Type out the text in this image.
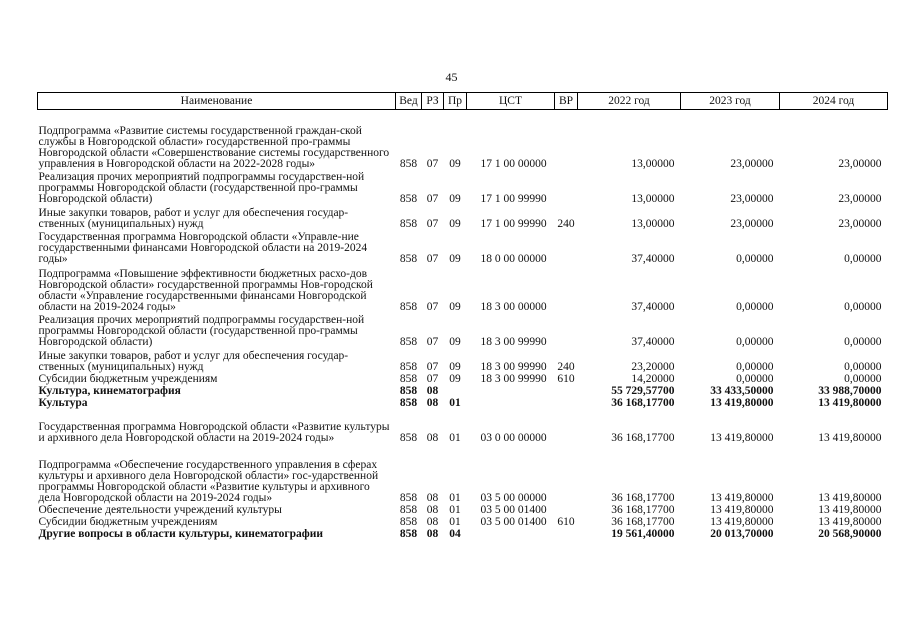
45
Наименование	Вед	РЗ	Пр	ЦСТ	ВР	2022 год	2023 год	2024 год
Подпрограмма «Развитие системы государственной граждан-ской службы в Новгородской области» государственной про-граммы Новгородской области «Совершенствование системы государственного управления в Новгородской области на 2022-2028 годы»	858	07	09	17 1 00 00000		13,00000	23,00000	23,00000
Реализация прочих мероприятий подпрограммы государствен-ной программы Новгородской области (государственной про-граммы Новгородской области)	858	07	09	17 1 00 99990		13,00000	23,00000	23,00000
Иные закупки товаров, работ и услуг для обеспечения государ-ственных (муниципальных) нужд	858	07	09	17 1 00 99990	240	13,00000	23,00000	23,00000
Государственная программа Новгородской области «Управле-ние государственными финансами Новгородской области на 2019-2024 годы»	858	07	09	18 0 00 00000		37,40000	0,00000	0,00000
Подпрограмма «Повышение эффективности бюджетных расхо-дов Новгородской области» государственной программы Нов-городской области «Управление государственными финансами Новгородской области на 2019-2024 годы»	858	07	09	18 3 00 00000		37,40000	0,00000	0,00000
Реализация прочих мероприятий подпрограммы государствен-ной программы Новгородской области (государственной про-граммы Новгородской области)	858	07	09	18 3 00 99990		37,40000	0,00000	0,00000
Иные закупки товаров, работ и услуг для обеспечения государ-ственных (муниципальных) нужд	858	07	09	18 3 00 99990	240	23,20000	0,00000	0,00000
Субсидии бюджетным учреждениям	858	07	09	18 3 00 99990	610	14,20000	0,00000	0,00000
Культура, кинематография	858	08				55 729,57700	33 433,50000	33 988,70000
Культура	858	08	01			36 168,17700	13 419,80000	13 419,80000
Государственная программа Новгородской области «Развитие культуры и архивного дела Новгородской области на 2019-2024 годы»	858	08	01	03 0 00 00000		36 168,17700	13 419,80000	13 419,80000
Подпрограмма «Обеспечение государственного управления в сферах культуры и архивного дела Новгородской области» гос-ударственной программы Новгородской области «Развитие культуры и архивного дела Новгородской области на 2019-2024 годы»	858	08	01	03 5 00 00000		36 168,17700	13 419,80000	13 419,80000
Обеспечение деятельности учреждений культуры	858	08	01	03 5 00 01400		36 168,17700	13 419,80000	13 419,80000
Субсидии бюджетным учреждениям	858	08	01	03 5 00 01400	610	36 168,17700	13 419,80000	13 419,80000
Другие вопросы в области культуры, кинематографии	858	08	04			19 561,40000	20 013,70000	20 568,90000
